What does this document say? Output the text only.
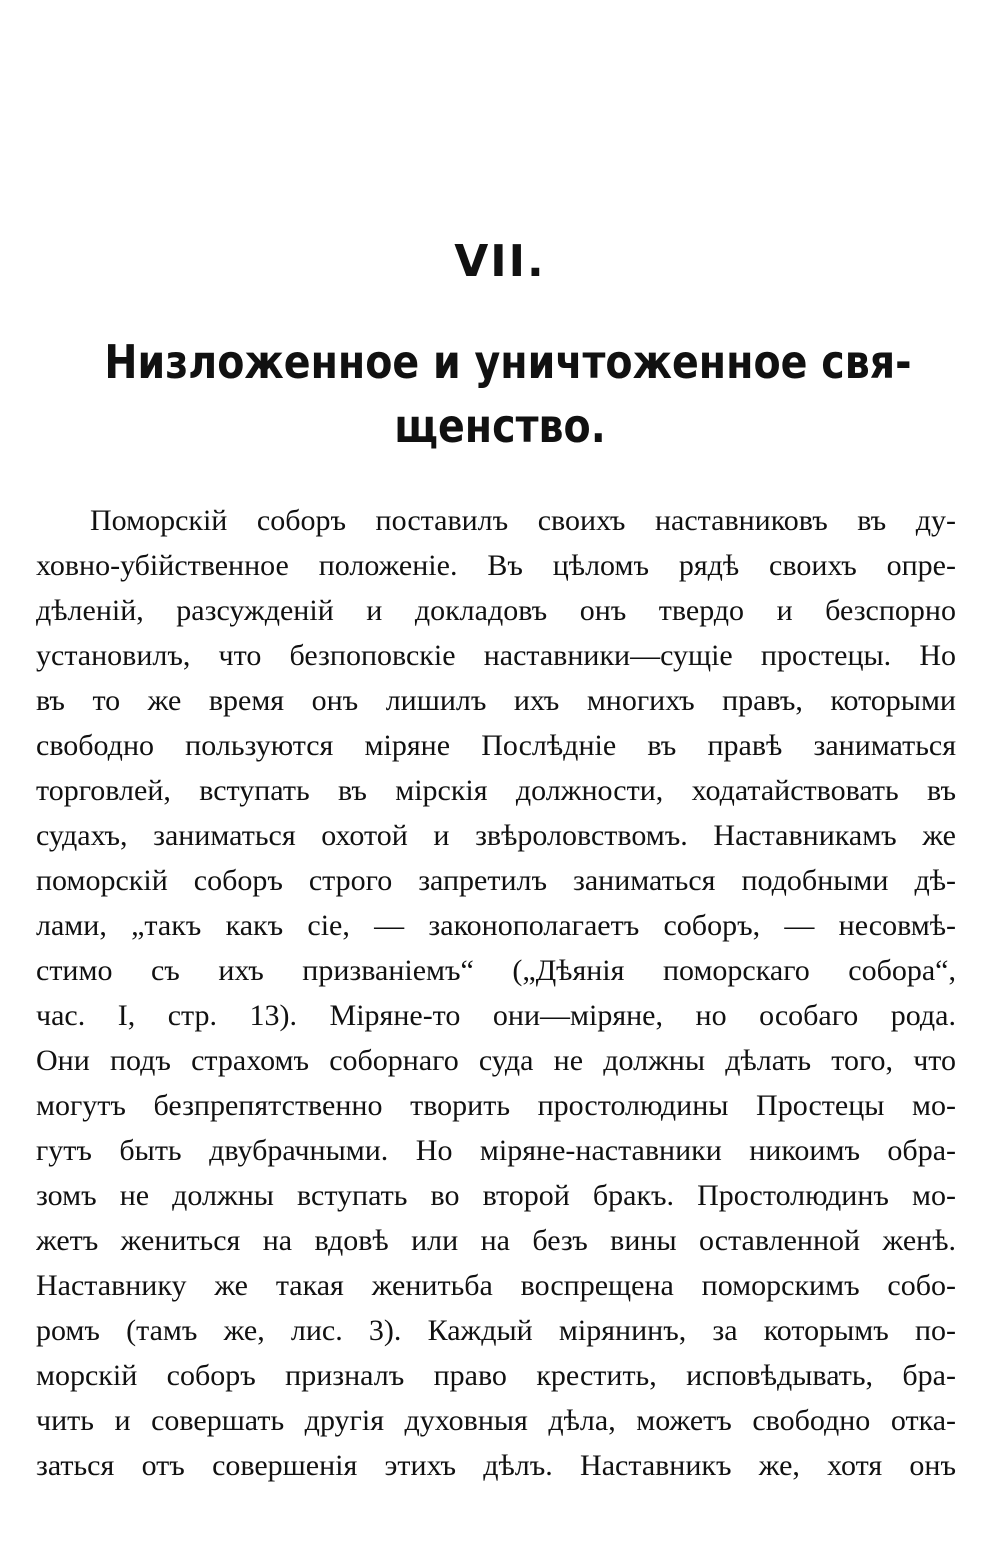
VII.
Низложенное и уничтоженное свя-
щенство.
Поморскій соборъ поставилъ своихъ наставниковъ въ ду-
ховно-убійственное положеніе. Въ цѣломъ рядѣ своихъ опре-
дѣленій, разсужденій и докладовъ онъ твердо и безспорно
установилъ, что безпоповскіе наставники—сущіе простецы. Но
въ то же время онъ лишилъ ихъ многихъ правъ, которыми
свободно пользуются міряне Послѣдніе въ правѣ заниматься
торговлей, вступать въ мірскія должности, ходатайствовать въ
судахъ, заниматься охотой и звѣроловствомъ. Наставникамъ же
поморскій соборъ строго запретилъ заниматься подобными дѣ-
лами, „такъ какъ сіе, — законополагаетъ соборъ, — несовмѣ-
стимо съ ихъ призваніемъ“ („Дѣянія поморскаго собора“,
час. I, стр. 13). Міряне-то они—міряне, но особаго рода.
Они подъ страхомъ соборнаго суда не должны дѣлать того, что
могутъ безпрепятственно творить простолюдины Простецы мо-
гутъ быть двубрачными. Но міряне-наставники никоимъ обра-
зомъ не должны вступать во второй бракъ. Простолюдинъ мо-
жетъ жениться на вдовѣ или на безъ вины оставленной женѣ.
Наставнику же такая женитьба воспрещена поморскимъ собо-
ромъ (тамъ же, лис. 3). Каждый мірянинъ, за которымъ по-
морскій соборъ призналъ право крестить, исповѣдывать, бра-
чить и совершать другія духовныя дѣла, можетъ свободно отка-
заться отъ совершенія этихъ дѣлъ. Наставникъ же, хотя онъ
